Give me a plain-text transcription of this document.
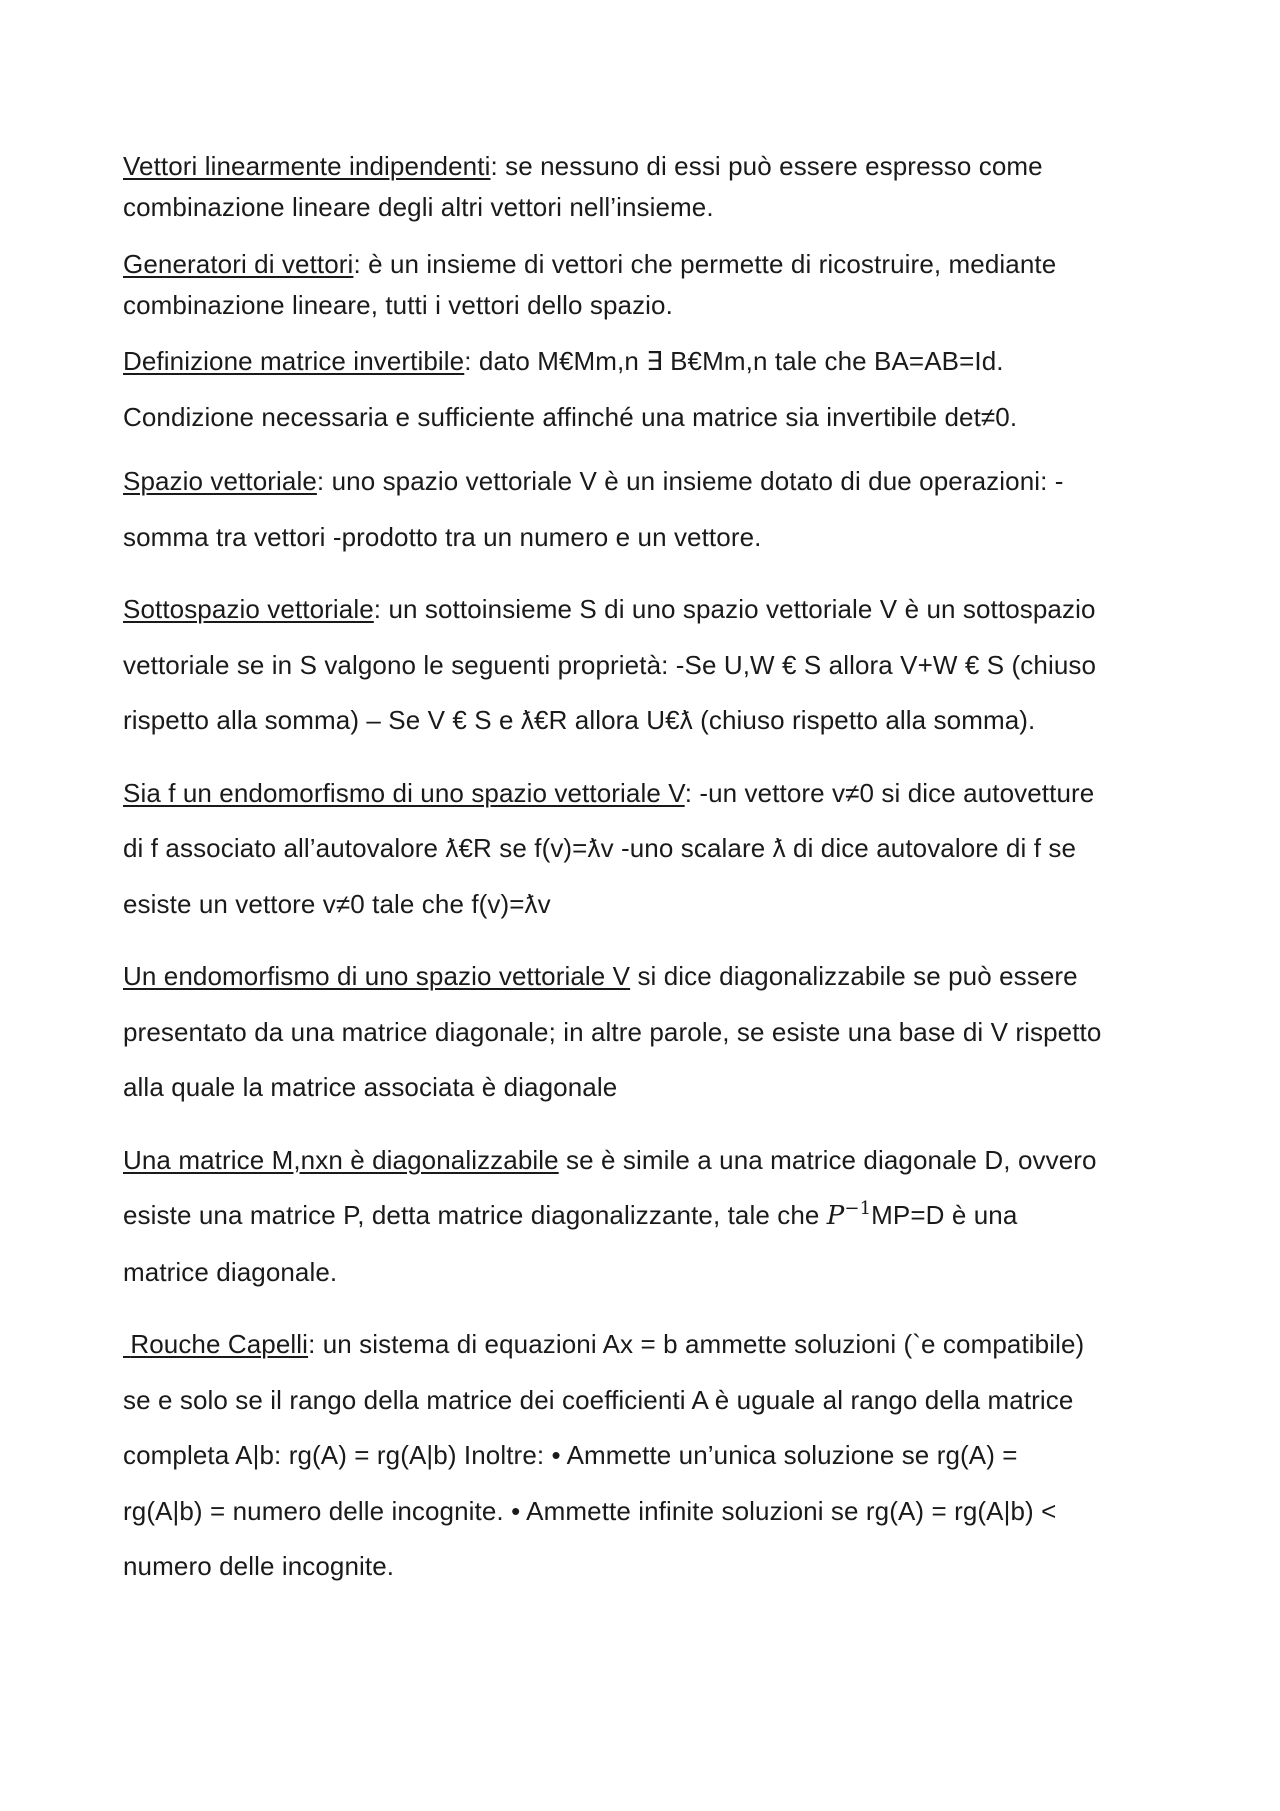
Vettori linearmente indipendenti: se nessuno di essi può essere espresso come
combinazione lineare degli altri vettori nell’insieme.
Generatori di vettori: è un insieme di vettori che permette di ricostruire, mediante
combinazione lineare, tutti i vettori dello spazio.
Definizione matrice invertibile: dato M€Mm,n ∃ B€Mm,n tale che BA=AB=Id.
Condizione necessaria e sufficiente affinché una matrice sia invertibile det≠0.
Spazio vettoriale: uno spazio vettoriale V è un insieme dotato di due operazioni: -
somma tra vettori -prodotto tra un numero e un vettore.
Sottospazio vettoriale: un sottoinsieme S di uno spazio vettoriale V è un sottospazio
vettoriale se in S valgono le seguenti proprietà: -Se U,W € S allora V+W € S (chiuso
rispetto alla somma) – Se V € S e ƛ€R allora U€ƛ (chiuso rispetto alla somma).
Sia f un endomorfismo di uno spazio vettoriale V: -un vettore v≠0 si dice autovetture
di f associato all’autovalore ƛ€R se f(v)=ƛv -uno scalare ƛ di dice autovalore di f se
esiste un vettore v≠0 tale che f(v)=ƛv
Un endomorfismo di uno spazio vettoriale V si dice diagonalizzabile se può essere
presentato da una matrice diagonale; in altre parole, se esiste una base di V rispetto
alla quale la matrice associata è diagonale
Una matrice M,nxn è diagonalizzabile se è simile a una matrice diagonale D, ovvero
esiste una matrice P, detta matrice diagonalizzante, tale che $P^{-1}MP=D$ è una
matrice diagonale.
Rouche Capelli: un sistema di equazioni Ax = b ammette soluzioni (`e compatibile)
se e solo se il rango della matrice dei coefficienti A è uguale al rango della matrice
completa A|b: rg(A) = rg(A|b) Inoltre: • Ammette un’unica soluzione se rg(A) =
rg(A|b) = numero delle incognite. • Ammette infinite soluzioni se rg(A) = rg(A|b) <
numero delle incognite.
